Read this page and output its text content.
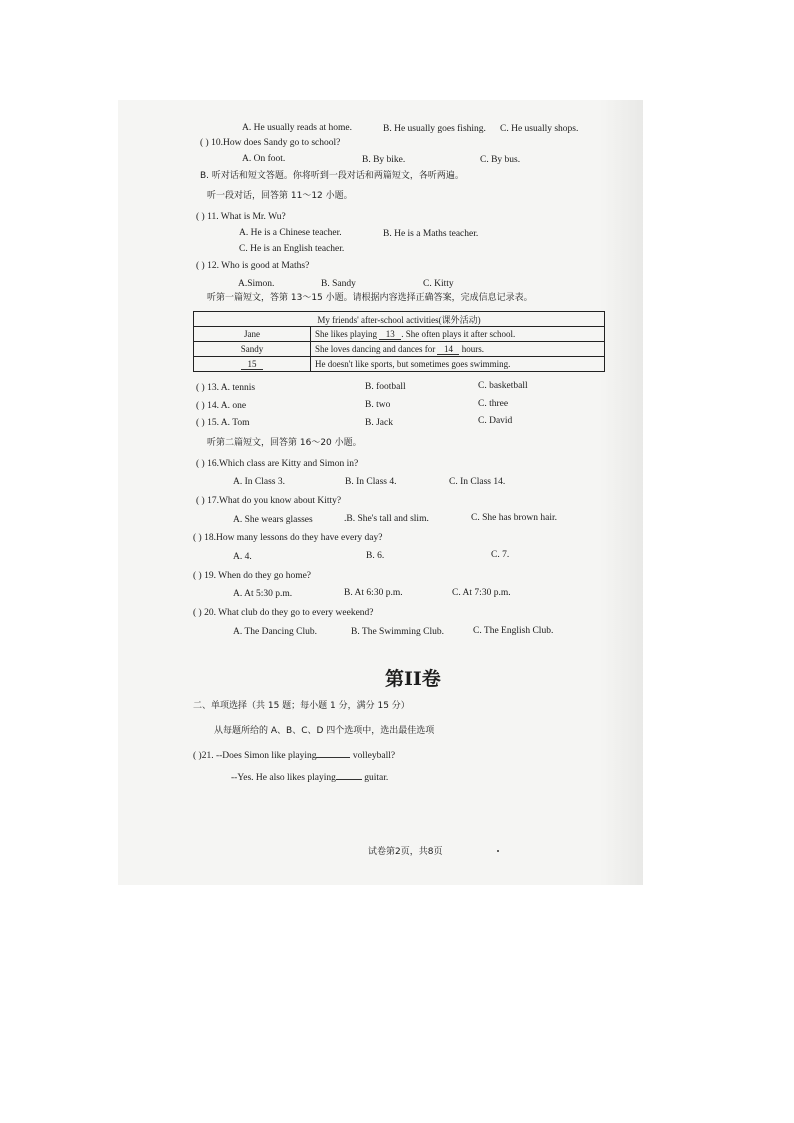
A. He usually reads at home.	B. He usually goes fishing. C. He usually shops.
( ) 10.How does Sandy go to school?
A. On foot.	B. By bike.	C. By bus.
B. 听对话和短文答题。你将听到一段对话和两篇短文，各听两遍。
听一段对话，回答第 11～12 小题。
( ) 11. What is Mr. Wu?
A. He is a Chinese teacher.	B. He is a Maths teacher.
C. He is an English teacher.
( ) 12. Who is good at Maths?
A.Simon.	B. Sandy	C. Kitty
听第一篇短文，答第 13～15 小题。请根据内容选择正确答案，完成信息记录表。
My friends' after-school activities(课外活动)	
Jane	She likes playing 13 . She often plays it after school.
Sandy	She loves dancing and dances for 14 hours.
15	He doesn't like sports, but sometimes goes swimming.
( ) 13. A. tennis	B. football	C. basketball
( ) 14. A. one	B. two	C. three
( ) 15. A. Tom	B. Jack	C. David
听第二篇短文，回答第 16～20 小题。
( ) 16.Which class are Kitty and Simon in?
A. In Class 3.	B. In Class 4.	C. In Class 14.
( ) 17.What do you know about Kitty?
A. She wears glasses	.B. She's tall and slim.	C. She has brown hair.
( ) 18.How many lessons do they have every day?
A. 4.	B. 6.	C. 7.
( ) 19. When do they go home?
A. At 5:30 p.m.	B. At 6:30 p.m.	C. At 7:30 p.m.
( ) 20. What club do they go to every weekend?
A. The Dancing Club.	B. The Swimming Club.	C. The English Club.
第II卷
二、单项选择（共 15 题；每小题 1 分，满分 15 分）
从每题所给的 A、B、C、D 四个选项中，选出最佳选项
( )21. --Does Simon like playing	volleyball?
--Yes. He also likes playing	guitar.
试卷第2页，共8页
